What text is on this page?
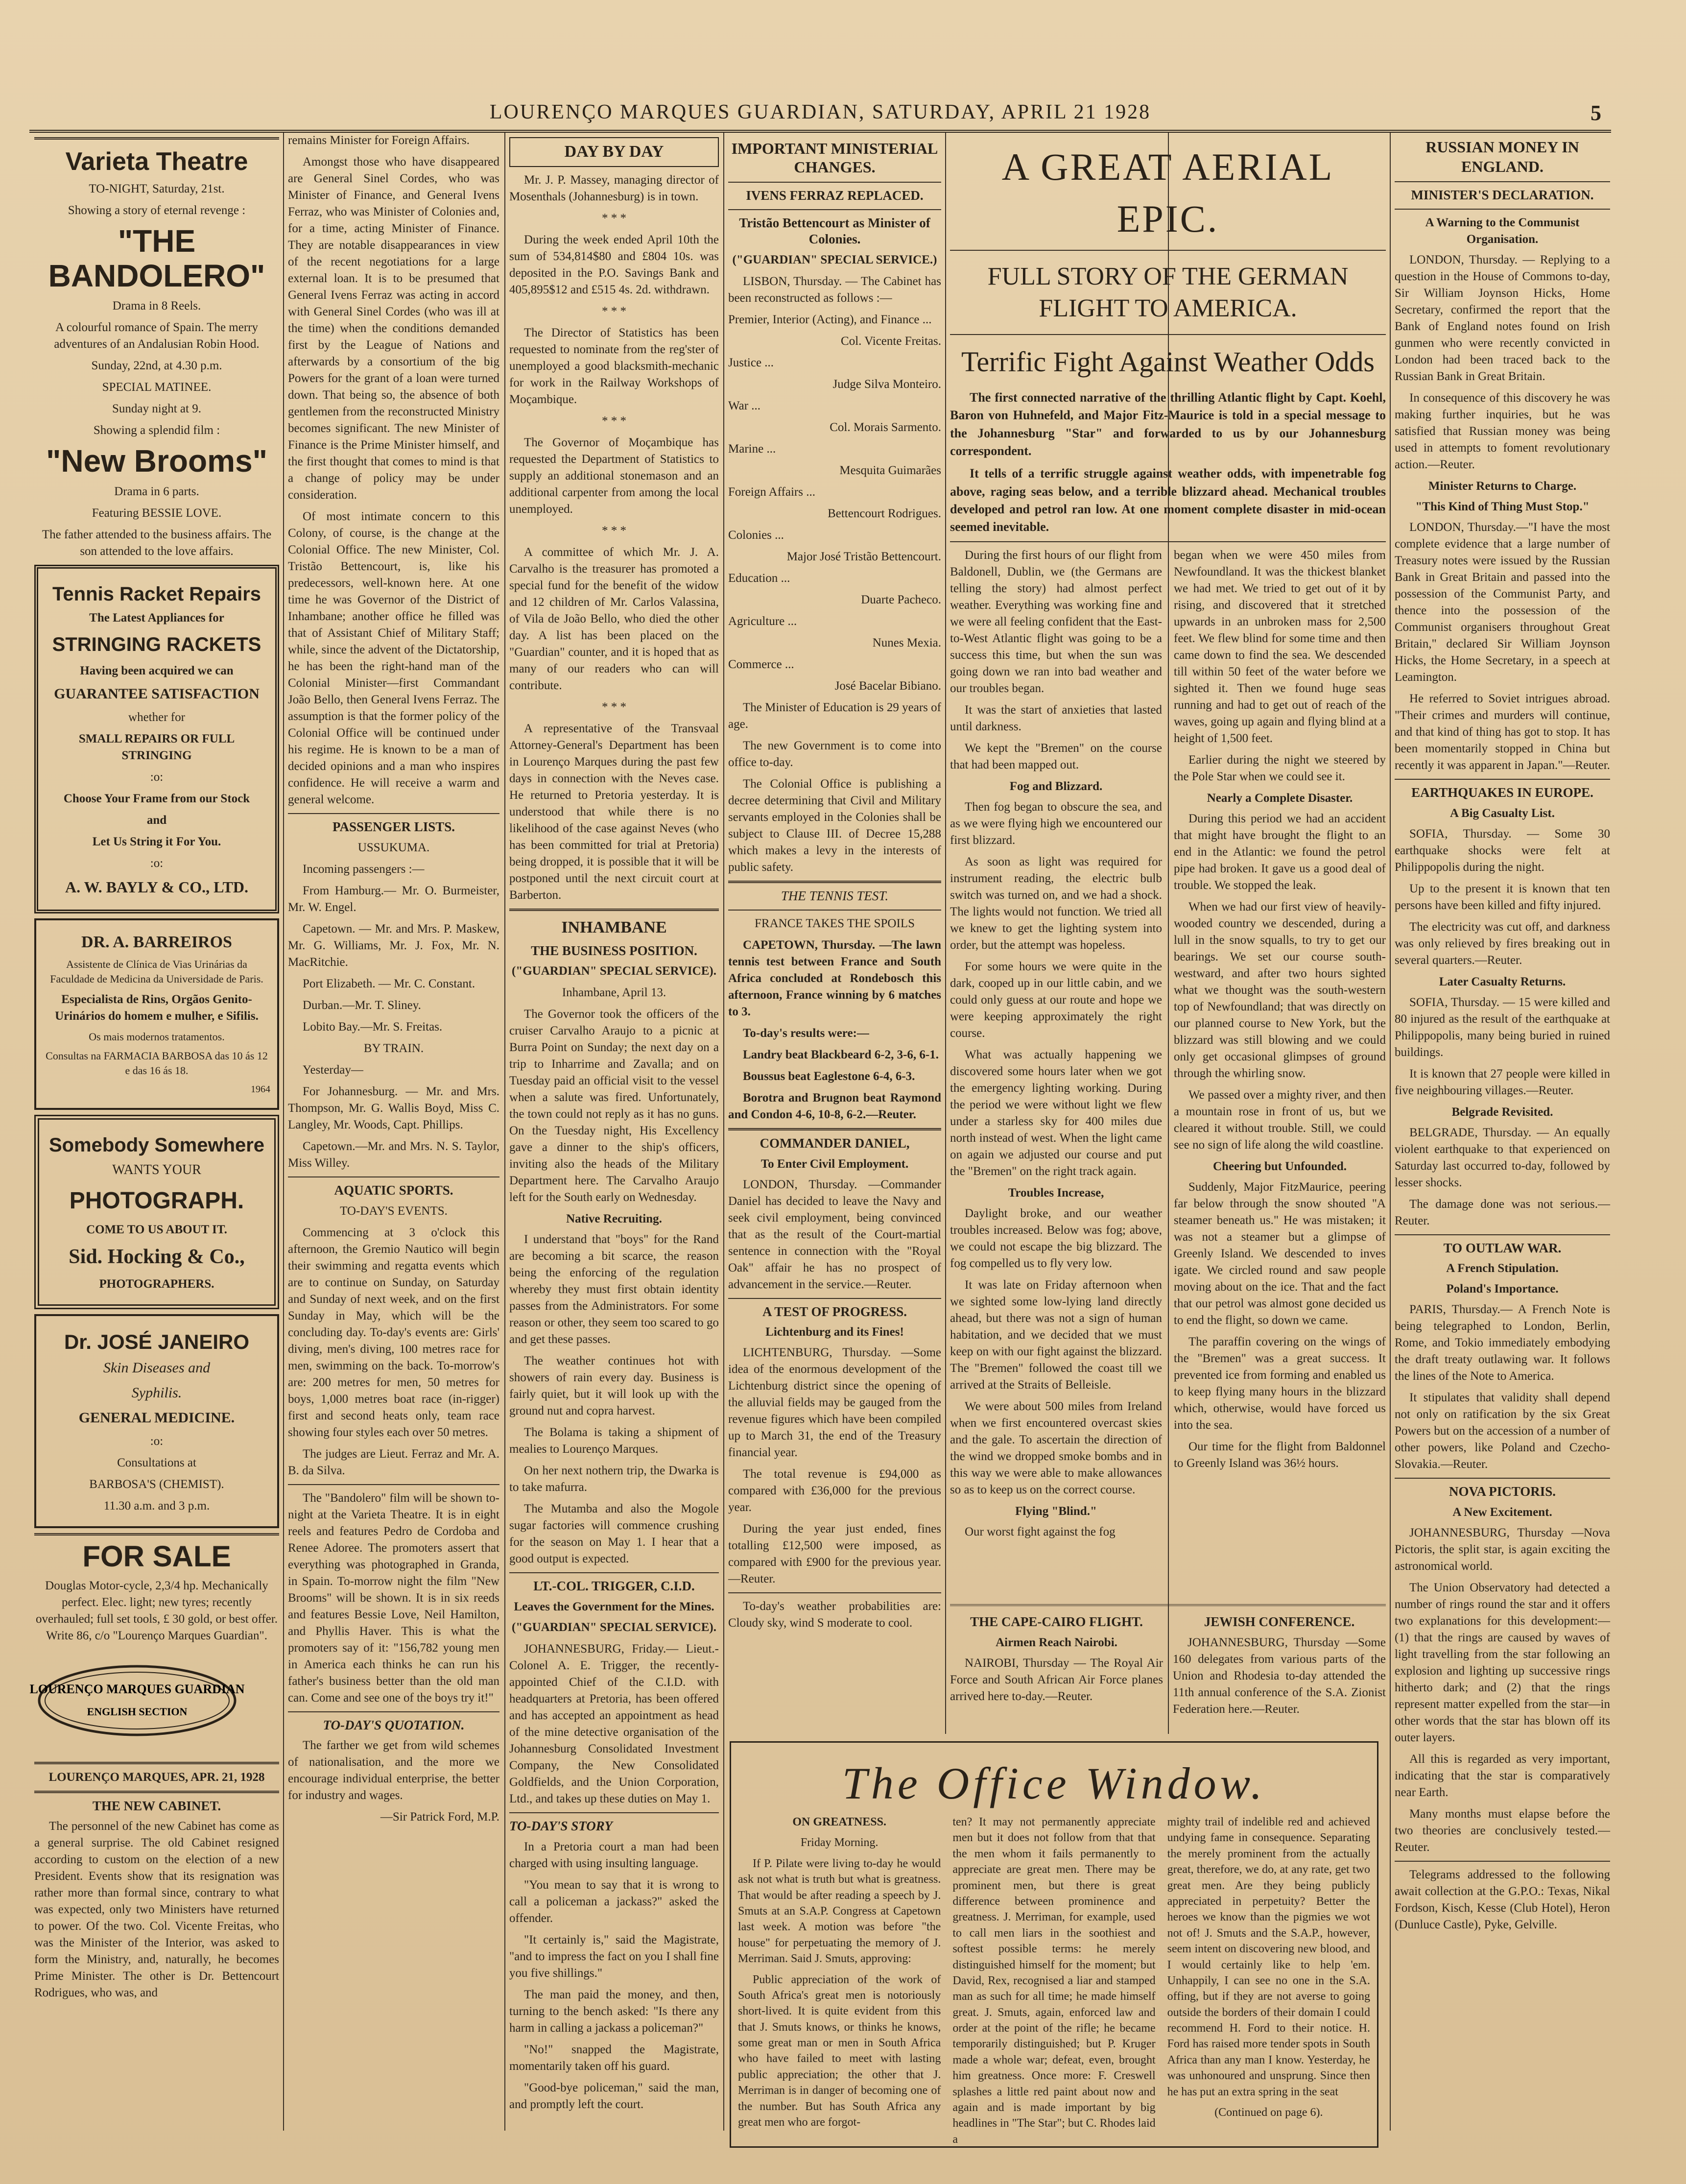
LOURENÇO MARQUES GUARDIAN, SATURDAY, APRIL 21 1928	5
Varieta Theatre

TO-NIGHT, Saturday, 21st.

Showing a story of eternal revenge :

"THE BANDOLERO"

Drama in 8 Reels.

A colourful romance of Spain. The merry adventures of an Andalusian Robin Hood.

Sunday, 22nd, at 4.30 p.m.

SPECIAL MATINEE.

Sunday night at 9.

Showing a splendid film :

"New Brooms"

Drama in 6 parts.

Featuring BESSIE LOVE.

The father attended to the business affairs. The son attended to the love affairs.

Tennis Racket Repairs

The Latest Appliances for

STRINGING RACKETS

Having been acquired we can

GUARANTEE SATISFACTION

whether for

SMALL REPAIRS OR FULL STRINGING

:o:

Choose Your Frame from our Stock

and

Let Us String it For You.

:o:

A. W. BAYLY & CO., LTD.

DR. A. BARREIROS

Assistente de Clínica de Vias Urinárias da Faculdade de Medicina da Universidade de Paris.

Especialista de Rins, Orgãos Genito-Urinários do homem e mulher, e Sifilis.

Os mais modernos tratamentos.

Consultas na FARMACIA BARBOSA das 10 ás 12 e das 16 ás 18.

1964

Somebody Somewhere

WANTS YOUR

PHOTOGRAPH.

COME TO US ABOUT IT.

Sid. Hocking & Co.,

PHOTOGRAPHERS.

Dr. JOSÉ JANEIRO

Skin Diseases and

Syphilis.

GENERAL MEDICINE.

:o:

Consultations at

BARBOSA'S (CHEMIST).

11.30 a.m. and 3 p.m.

FOR SALE

Douglas Motor-cycle, 2,3/4 hp. Mechanically perfect. Elec. light; new tyres; recently overhauled; full set tools, £ 30 gold, or best offer. Write 86, c/o "Lourenço Marques Guardian".

LOURENÇO MARQUES GUARDIAN
ENGLISH SECTION

LOURENÇO MARQUES, APR. 21, 1928

THE NEW CABINET.

The personnel of the new Cabinet has come as a general surprise. The old Cabinet resigned according to custom on the election of a new President. Events show that its resignation was rather more than formal since, contrary to what was expected, only two Ministers have returned to power. Of the two. Col. Vicente Freitas, who was the Minister of the Interior, was asked to form the Ministry, and, naturally, he becomes Prime Minister. The other is Dr. Bettencourt Rodrigues, who was, and

remains Minister for Foreign Affairs.

Amongst those who have disappeared are General Sinel Cordes, who was Minister of Finance, and General Ivens Ferraz, who was Minister of Colonies and, for a time, acting Minister of Finance. They are notable disappearances in view of the recent negotiations for a large external loan. It is to be presumed that General Ivens Ferraz was acting in accord with General Sinel Cordes (who was ill at the time) when the conditions demanded first by the League of Nations and afterwards by a consortium of the big Powers for the grant of a loan were turned down. That being so, the absence of both gentlemen from the reconstructed Ministry becomes significant. The new Minister of Finance is the Prime Minister himself, and the first thought that comes to mind is that a change of policy may be under consideration.

Of most intimate concern to this Colony, of course, is the change at the Colonial Office. The new Minister, Col. Tristão Bettencourt, is, like his predecessors, well-known here. At one time he was Governor of the District of Inhambane; another office he filled was that of Assistant Chief of Military Staff; while, since the advent of the Dictatorship, he has been the right-hand man of the Colonial Minister—first Commandant João Bello, then General Ivens Ferraz. The assumption is that the former policy of the Colonial Office will be continued under his regime. He is known to be a man of decided opinions and a man who inspires confidence. He will receive a warm and general welcome.

PASSENGER LISTS.

USSUKUMA.

Incoming passengers :—

From Hamburg.— Mr. O. Burmeister, Mr. W. Engel.

Capetown. — Mr. and Mrs. P. Maskew, Mr. G. Williams, Mr. J. Fox, Mr. N. MacRitchie.

Port Elizabeth. — Mr. C. Constant.

Durban.—Mr. T. Sliney.

Lobito Bay.—Mr. S. Freitas.

BY TRAIN.

Yesterday—

For Johannesburg. — Mr. and Mrs. Thompson, Mr. G. Wallis Boyd, Miss C. Langley, Mr. Woods, Capt. Phillips.

Capetown.—Mr. and Mrs. N. S. Taylor, Miss Willey.

AQUATIC SPORTS.

TO-DAY'S EVENTS.

Commencing at 3 o'clock this afternoon, the Gremio Nautico will begin their swimming and regatta events which are to continue on Sunday, on Saturday and Sunday of next week, and on the first Sunday in May, which will be the concluding day. To-day's events are: Girls' diving, men's diving, 100 metres race for men, swimming on the back. To-morrow's are: 200 metres for men, 50 metres for boys, 1,000 metres boat race (in-rigger) first and second heats only, team race showing four styles each over 50 metres.

The judges are Lieut. Ferraz and Mr. A. B. da Silva.

The "Bandolero" film will be shown to-night at the Varieta Theatre. It is in eight reels and features Pedro de Cordoba and Renee Adoree. The promoters assert that everything was photographed in Granda, in Spain. To-morrow night the film "New Brooms" will be shown. It is in six reeds and features Bessie Love, Neil Hamilton, and Phyllis Haver. This is what the promoters say of it: "156,782 young men in America each thinks he can run his father's business better than the old man can. Come and see one of the boys try it!"

TO-DAY'S QUOTATION.

The farther we get from wild schemes of nationalisation, and the more we encourage individual enterprise, the better for industry and wages.

—Sir Patrick Ford, M.P.

DAY BY DAY

Mr. J. P. Massey, managing director of Mosenthals (Johannesburg) is in town.

* * *

During the week ended April 10th the sum of 534,814$80 and £804 10s. was deposited in the P.O. Savings Bank and 405,895$12 and £515 4s. 2d. withdrawn.

* * *

The Director of Statistics has been requested to nominate from the reg'ster of unemployed a good blacksmith-mechanic for work in the Railway Workshops of Moçambique.

* * *

The Governor of Moçambique has requested the Department of Statistics to supply an additional stonemason and an additional carpenter from among the local unemployed.

* * *

A committee of which Mr. J. A. Carvalho is the treasurer has promoted a special fund for the benefit of the widow and 12 children of Mr. Carlos Valassina, of Vila de João Bello, who died the other day. A list has been placed on the "Guardian" counter, and it is hoped that as many of our readers who can will contribute.

* * *

A representative of the Transvaal Attorney-General's Department has been in Lourenço Marques during the past few days in connection with the Neves case. He returned to Pretoria yesterday. It is understood that while there is no likelihood of the case against Neves (who has been committed for trial at Pretoria) being dropped, it is possible that it will be postponed until the next circuit court at Barberton.

INHAMBANE
THE BUSINESS POSITION.

("GUARDIAN" SPECIAL SERVICE).

Inhambane, April 13.

The Governor took the officers of the cruiser Carvalho Araujo to a picnic at Burra Point on Sunday; the next day on a trip to Inharrime and Zavalla; and on Tuesday paid an official visit to the vessel when a salute was fired. Unfortunately, the town could not reply as it has no guns. On the Tuesday night, His Excellency gave a dinner to the ship's officers, inviting also the heads of the Military Department here. The Carvalho Araujo left for the South early on Wednesday.

Native Recruiting.

I understand that "boys" for the Rand are becoming a bit scarce, the reason being the enforcing of the regulation whereby they must first obtain identity passes from the Administrators. For some reason or other, they seem too scared to go and get these passes.

The weather continues hot with showers of rain every day. Business is fairly quiet, but it will look up with the ground nut and copra harvest.

The Bolama is taking a shipment of mealies to Lourenço Marques.

On her next nothern trip, the Dwarka is to take mafurra.

The Mutamba and also the Mogole sugar factories will commence crushing for the season on May 1. I hear that a good output is expected.

LT.-COL. TRIGGER, C.I.D.
Leaves the Government for the Mines.

("GUARDIAN" SPECIAL SERVICE).

JOHANNESBURG, Friday.— Lieut.-Colonel A. E. Trigger, the recently-appointed Chief of the C.I.D. with headquarters at Pretoria, has been offered and has accepted an appointment as head of the mine detective organisation of the Johannesburg Consolidated Investment Company, the New Consolidated Goldfields, and the Union Corporation, Ltd., and takes up these duties on May 1.

TO-DAY'S STORY

In a Pretoria court a man had been charged with using insulting language.

"You mean to say that it is wrong to call a policeman a jackass?" asked the offender.

"It certainly is," said the Magistrate, "and to impress the fact on you I shall fine you five shillings."

The man paid the money, and then, turning to the bench asked: "Is there any harm in calling a jackass a policeman?"

"No!" snapped the Magistrate, momentarily taken off his guard.

"Good-bye policeman," said the man, and promptly left the court.

IMPORTANT MINISTERIAL CHANGES.
IVENS FERRAZ REPLACED.
Tristão Bettencourt as Minister of Colonies.

("GUARDIAN" SPECIAL SERVICE.)

LISBON, Thursday. — The Cabinet has been reconstructed as follows :—

Premier, Interior (Acting), and Finance ...

Col. Vicente Freitas.

Justice ...

Judge Silva Monteiro.

War ...

Col. Morais Sarmento.

Marine ...

Mesquita Guimarães

Foreign Affairs ...

Bettencourt Rodrigues.

Colonies ...

Major José Tristão Bettencourt.

Education ...

Duarte Pacheco.

Agriculture ...

Nunes Mexia.

Commerce ...

José Bacelar Bibiano.

The Minister of Education is 29 years of age.

The new Government is to come into office to-day.

The Colonial Office is publishing a decree determining that Civil and Military servants employed in the Colonies shall be subject to Clause III. of Decree 15,288 which makes a levy in the interests of public safety.

THE TENNIS TEST.

FRANCE TAKES THE SPOILS

CAPETOWN, Thursday. —The lawn tennis test between France and South Africa concluded at Rondebosch this afternoon, France winning by 6 matches to 3.

To-day's results were:—

Landry beat Blackbeard 6-2, 3-6, 6-1.

Boussus beat Eaglestone 6-4, 6-3.

Borotra and Brugnon beat Raymond and Condon 4-6, 10-8, 6-2.—Reuter.

COMMANDER DANIEL,
To Enter Civil Employment.

LONDON, Thursday. —Commander Daniel has decided to leave the Navy and seek civil employment, being convinced that as the result of the Court-martial sentence in connection with the "Royal Oak" affair he has no prospect of advancement in the service.—Reuter.

A TEST OF PROGRESS.
Lichtenburg and its Fines!

LICHTENBURG, Thursday. —Some idea of the enormous development of the Lichtenburg district since the opening of the alluvial fields may be gauged from the revenue figures which have been compiled up to March 31, the end of the Treasury financial year.

The total revenue is £94,000 as compared with £36,000 for the previous year.

During the year just ended, fines totalling £12,500 were imposed, as compared with £900 for the previous year.—Reuter.

To-day's weather probabilities are: Cloudy sky, wind S moderate to cool.

A GREAT AERIAL EPIC.
FULL STORY OF THE GERMAN FLIGHT TO AMERICA.
Terrific Fight Against Weather Odds

The first connected narrative of the thrilling Atlantic flight by Capt. Koehl, Baron von Huhnefeld, and Major Fitz-Maurice is told in a special message to the Johannesburg "Star" and forwarded to us by our Johannesburg correspondent.

It tells of a terrific struggle against weather odds, with impenetrable fog above, raging seas below, and a terrible blizzard ahead. Mechanical troubles developed and petrol ran low. At one moment complete disaster in mid-ocean seemed inevitable.

During the first hours of our flight from Baldonell, Dublin, we (the Germans are telling the story) had almost perfect weather. Everything was working fine and we were all feeling confident that the East-to-West Atlantic flight was going to be a success this time, but when the sun was going down we ran into bad weather and our troubles began.

It was the start of anxieties that lasted until darkness.

We kept the "Bremen" on the course that had been mapped out.

Fog and Blizzard.

Then fog began to obscure the sea, and as we were flying high we encountered our first blizzard.

As soon as light was required for instrument reading, the electric bulb switch was turned on, and we had a shock. The lights would not function. We tried all we knew to get the lighting system into order, but the attempt was hopeless.

For some hours we were quite in the dark, cooped up in our little cabin, and we could only guess at our route and hope we were keeping approximately the right course.

What was actually happening we discovered some hours later when we got the emergency lighting working. During the period we were without light we flew under a starless sky for 400 miles due north instead of west. When the light came on again we adjusted our course and put the "Bremen" on the right track again.

Troubles Increase,

Daylight broke, and our weather troubles increased. Below was fog; above, we could not escape the big blizzard. The fog compelled us to fly very low.

It was late on Friday afternoon when we sighted some low-lying land directly ahead, but there was not a sign of human habitation, and we decided that we must keep on with our fight against the blizzard. The "Bremen" followed the coast till we arrived at the Straits of Belleisle.

We were about 500 miles from Ireland when we first encountered overcast skies and the gale. To ascertain the direction of the wind we dropped smoke bombs and in this way we were able to make allowances so as to keep us on the correct course.

Flying "Blind."

Our worst fight against the fog

began when we were 450 miles from Newfoundland. It was the thickest blanket we had met. We tried to get out of it by rising, and discovered that it stretched upwards in an unbroken mass for 2,500 feet. We flew blind for some time and then came down to find the sea. We descended till within 50 feet of the water before we sighted it. Then we found huge seas running and had to get out of reach of the waves, going up again and flying blind at a height of 1,500 feet.

Earlier during the night we steered by the Pole Star when we could see it.

Nearly a Complete Disaster.

During this period we had an accident that might have brought the flight to an end in the Atlantic: we found the petrol pipe had broken. It gave us a good deal of trouble. We stopped the leak.

When we had our first view of heavily-wooded country we descended, during a lull in the snow squalls, to try to get our bearings. We set our course south-westward, and after two hours sighted what we thought was the south-western top of Newfoundland; that was directly on our planned course to New York, but the blizzard was still blowing and we could only get occasional glimpses of ground through the whirling snow.

We passed over a mighty river, and then a mountain rose in front of us, but we cleared it without trouble. Still, we could see no sign of life along the wild coastline.

Cheering but Unfounded.

Suddenly, Major FitzMaurice, peering far below through the snow shouted "A steamer beneath us." He was mistaken; it was not a steamer but a glimpse of Greenly Island. We descended to inves igate. We circled round and saw people moving about on the ice. That and the fact that our petrol was almost gone decided us to end the flight, so down we came.

The paraffin covering on the wings of the "Bremen" was a great success. It prevented ice from forming and enabled us to keep flying many hours in the blizzard which, otherwise, would have forced us into the sea.

Our time for the flight from Baldonnel to Greenly Island was 36½ hours.

The Office Window.

ON GREATNESS.

Friday Morning.

If P. Pilate were living to-day he would ask not what is truth but what is greatness. That would be after reading a speech by J. Smuts at an S.A.P. Congress at Capetown last week. A motion was before "the house" for perpetuating the memory of J. Merriman. Said J. Smuts, approving:

Public appreciation of the work of South Africa's great men is notoriously short-lived. It is quite evident from this that J. Smuts knows, or thinks he knows, some great man or men in South Africa who have failed to meet with lasting public appreciation; the other that J. Merriman is in danger of becoming one of the number. But has South Africa any great men who are forgot-

ten? It may not permanently appreciate men but it does not follow from that that the men whom it fails permanently to appreciate are great men. There may be prominent men, but there is great difference between prominence and greatness. J. Merriman, for example, used to call men liars in the soothiest and softest possible terms: he merely distinguished himself for the moment; but David, Rex, recognised a liar and stamped man as such for all time; he made himself great. J. Smuts, again, enforced law and order at the point of the rifle; he became temporarily distinguished; but P. Kruger made a whole war; defeat, even, brought him greatness. Once more: F. Creswell splashes a little red paint about now and again and is made important by big headlines in "The Star"; but C. Rhodes laid a

mighty trail of indelible red and achieved undying fame in consequence. Separating the merely prominent from the actually great, therefore, we do, at any rate, get two great men. Are they being publicly appreciated in perpetuity? Better the heroes we know than the pigmies we wot not of! J. Smuts and the S.A.P., however, seem intent on discovering new blood, and I would certainly like to help 'em. Unhappily, I can see no one in the S.A. offing, but if they are not averse to going outside the borders of their domain I could recommend H. Ford to their notice. H. Ford has raised more tender spots in South Africa than any man I know. Yesterday, he was unhonoured and unsprung. Since then he has put an extra spring in the seat

(Continued on page 6).

RUSSIAN MONEY IN ENGLAND.
MINISTER'S DECLARATION.
A Warning to the Communist Organisation.

LONDON, Thursday. — Replying to a question in the House of Commons to-day, Sir William Joynson Hicks, Home Secretary, confirmed the report that the Bank of England notes found on Irish gunmen who were recently convicted in London had been traced back to the Russian Bank in Great Britain.

In consequence of this discovery he was making further inquiries, but he was satisfied that Russian money was being used in attempts to foment revolutionary action.—Reuter.

Minister Returns to Charge.
"This Kind of Thing Must Stop."

LONDON, Thursday.—"I have the most complete evidence that a large number of Treasury notes were issued by the Russian Bank in Great Britain and passed into the possession of the Communist Party, and thence into the possession of the Communist organisers throughout Great Britain," declared Sir William Joynson Hicks, the Home Secretary, in a speech at Leamington.

He referred to Soviet intrigues abroad. "Their crimes and murders will continue, and that kind of thing has got to stop. It has been momentarily stopped in China but recently it was apparent in Japan."—Reuter.

EARTHQUAKES IN EUROPE.
A Big Casualty List.

SOFIA, Thursday. — Some 30 earthquake shocks were felt at Philippopolis during the night.

Up to the present it is known that ten persons have been killed and fifty injured.

The electricity was cut off, and darkness was only relieved by fires breaking out in several quarters.—Reuter.

Later Casualty Returns.

SOFIA, Thursday. — 15 were killed and 80 injured as the result of the earthquake at Philippopolis, many being buried in ruined buildings.

It is known that 27 people were killed in five neighbouring villages.—Reuter.

Belgrade Revisited.

BELGRADE, Thursday. — An equally violent earthquake to that experienced on Saturday last occurred to-day, followed by lesser shocks.

The damage done was not serious.—Reuter.

TO OUTLAW WAR.
A French Stipulation.
Poland's Importance.

PARIS, Thursday.— A French Note is being telegraphed to London, Berlin, Rome, and Tokio immediately embodying the draft treaty outlawing war. It follows the lines of the Note to America.

It stipulates that validity shall depend not only on ratification by the six Great Powers but on the accession of a number of other powers, like Poland and Czecho-Slovakia.—Reuter.

NOVA PICTORIS.
A New Excitement.

JOHANNESBURG, Thursday —Nova Pictoris, the split star, is again exciting the astronomical world.

The Union Observatory had detected a number of rings round the star and it offers two explanations for this development:— (1) that the rings are caused by waves of light travelling from the star following an explosion and lighting up successive rings hitherto dark; and (2) that the rings represent matter expelled from the star—in other words that the star has blown off its outer layers.

All this is regarded as very important, indicating that the star is comparatively near Earth.

Many months must elapse before the two theories are conclusively tested.—Reuter.

Telegrams addressed to the following await collection at the G.P.O.: Texas, Nikal Fordson, Kisch, Kesse (Club Hotel), Heron (Dunluce Castle), Pyke, Gelville.

THE CAPE-CAIRO FLIGHT.
Airmen Reach Nairobi.

NAIROBI, Thursday — The Royal Air Force and South African Air Force planes arrived here to-day.—Reuter.

JEWISH CONFERENCE.

JOHANNESBURG, Thursday —Some 160 delegates from various parts of the Union and Rhodesia to-day attended the 11th annual conference of the S.A. Zionist Federation here.—Reuter.
